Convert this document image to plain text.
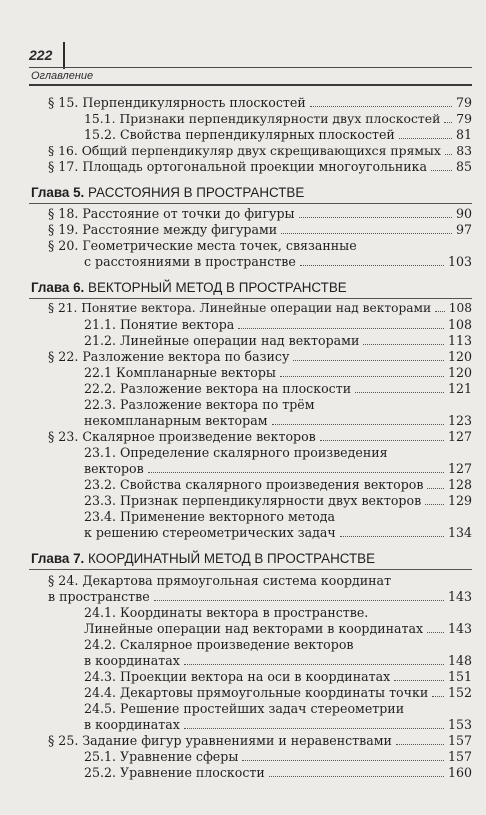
222
Оглавление
§ 15. Перпендикулярность плоскостей	79
15.1. Признаки перпендикулярности двух плоскостей 79
15.2. Свойства перпендикулярных плоскостей	81
§ 16. Общий перпендикуляр двух скрещивающихся прямых 83
§ 17. Площадь ортогональной проекции многоугольника 85
Глава 5. РАССТОЯНИЯ В ПРОСТРАНСТВЕ
§ 18. Расстояние от точки до фигуры	90
§ 19. Расстояние между фигурами	97
§ 20. Геометрические места точек, связанные
с расстояниями в пространстве	103
Глава 6. ВЕКТОРНЫЙ МЕТОД В ПРОСТРАНСТВЕ
§ 21. Понятие вектора. Линейные операции над векторами 108
21.1. Понятие вектора	108
21.2. Линейные операции над векторами	113
§ 22. Разложение вектора по базису	120
22.1 Компланарные векторы	120
22.2. Разложение вектора на плоскости	121
22.3. Разложение вектора по трём
некомпланарным векторам	123
§ 23. Скалярное произведение векторов	127
23.1. Определение скалярного произведения
векторов	127
23.2. Свойства скалярного произведения векторов 128
23.3. Признак перпендикулярности двух векторов 129
23.4. Применение векторного метода
к решению стереометрических задач	134
Глава 7. КООРДИНАТНЫЙ МЕТОД В ПРОСТРАНСТВЕ
§ 24. Декартова прямоугольная система координат
в пространстве	143
24.1. Координаты вектора в пространстве.
Линейные операции над векторами в координатах 143
24.2. Скалярное произведение векторов
в координатах	148
24.3. Проекции вектора на оси в координатах	151
24.4. Декартовы прямоугольные координаты точки 152
24.5. Решение простейших задач стереометрии
в координатах	153
§ 25. Задание фигур уравнениями и неравенствами	157
25.1. Уравнение сферы	157
25.2. Уравнение плоскости	160
